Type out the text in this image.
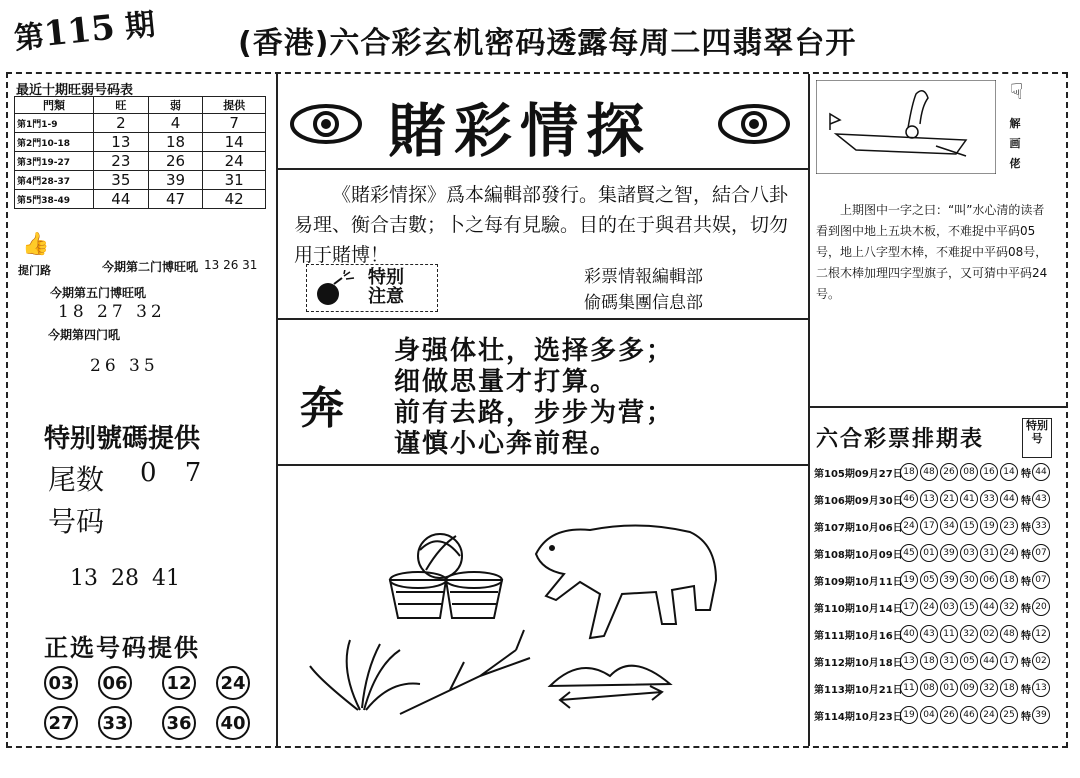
第115 期	(香港)六合彩玄机密码透露每周二四翡翠台开
最近十期旺弱号码表
門類	旺	弱	提供
第1門1-9	2	4	7
第2門10-18	13	18	14
第3門19-27	23	26	24
第4門28-37	35	39	31
第5門38-49	44	47	42
👍
提门路	今期第二门博旺吼 13 26 31
今期第五门博旺吼
18 27 32
今期第四门吼
26 35
特别號碼提供
尾数 0 7
号码
13 28 41
正选号码提供
03 06 12 24
27 33 36 40
賭彩情探
《賭彩情探》爲本編輯部發行。集諸賢之智，結合八卦易理、衡合吉數；卜之每有見驗。目的在于與君共娱，切勿用于賭博！
特别
注意
彩票情報編輯部
偷碼集團信息部
奔
身强体壮，选择多多；
细做思量才打算。
前有去路，步步为营；
谨慎小心奔前程。
☟
解画佬
上期图中一字之曰：“叫”水心清的读者看到图中地上五块木板，不难捉中平码05号，地上八字型木棒，不难捉中平码08号，二根木棒加理四字型旗子，又可猜中平码24号。
六合彩票排期表
特别号
第105期09月27日 18 48 26 08 16 14 特 44
第106期09月30日 46 13 21 41 33 44 特 43
第107期10月06日 24 17 34 15 19 23 特 33
第108期10月09日 45 01 39 03 31 24 特 07
第109期10月11日 19 05 39 30 06 18 特 07
第110期10月14日 17 24 03 15 44 32 特 20
第111期10月16日 40 43 11 32 02 48 特 12
第112期10月18日 13 18 31 05 44 17 特 02
第113期10月21日 11 08 01 09 32 18 特 13
第114期10月23日 19 04 26 46 24 25 特 39
